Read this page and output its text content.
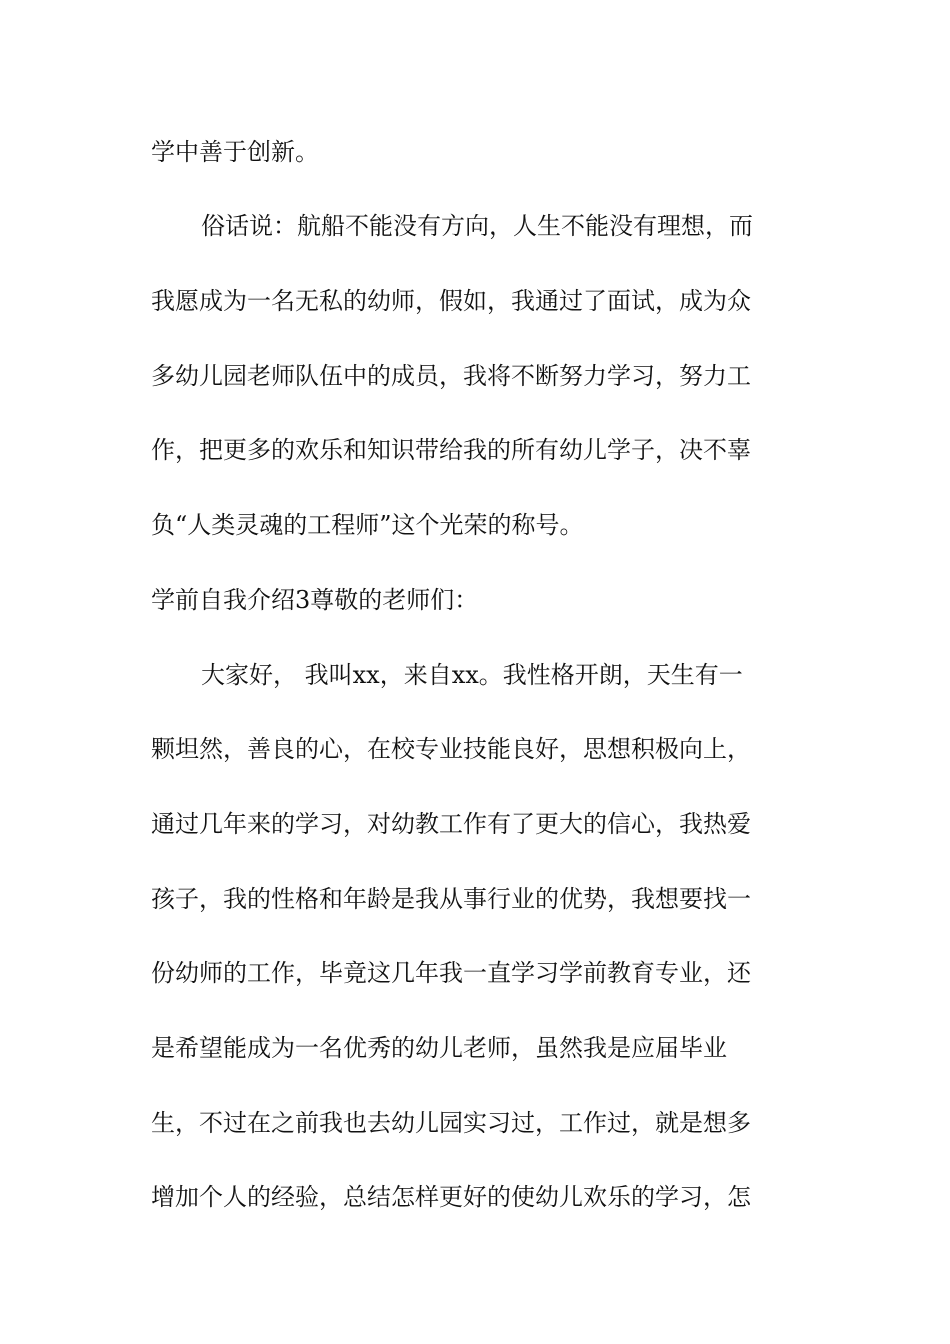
学中善于创新。

俗话说：航船不能没有方向，人生不能没有理想，而

我愿成为一名无私的幼师，假如，我通过了面试，成为众

多幼儿园老师队伍中的成员，我将不断努力学习，努力工

作，把更多的欢乐和知识带给我的所有幼儿学子，决不辜

负“人类灵魂的工程师”这个光荣的称号。

学前自我介绍3尊敬的老师们：

大家好， 我叫xx，来自xx。我性格开朗，天生有一

颗坦然，善良的心，在校专业技能良好，思想积极向上，

通过几年来的学习，对幼教工作有了更大的信心，我热爱

孩子，我的性格和年龄是我从事行业的优势，我想要找一

份幼师的工作，毕竟这几年我一直学习学前教育专业，还

是希望能成为一名优秀的幼儿老师，虽然我是应届毕业

生，不过在之前我也去幼儿园实习过，工作过，就是想多

增加个人的经验，总结怎样更好的使幼儿欢乐的学习，怎
